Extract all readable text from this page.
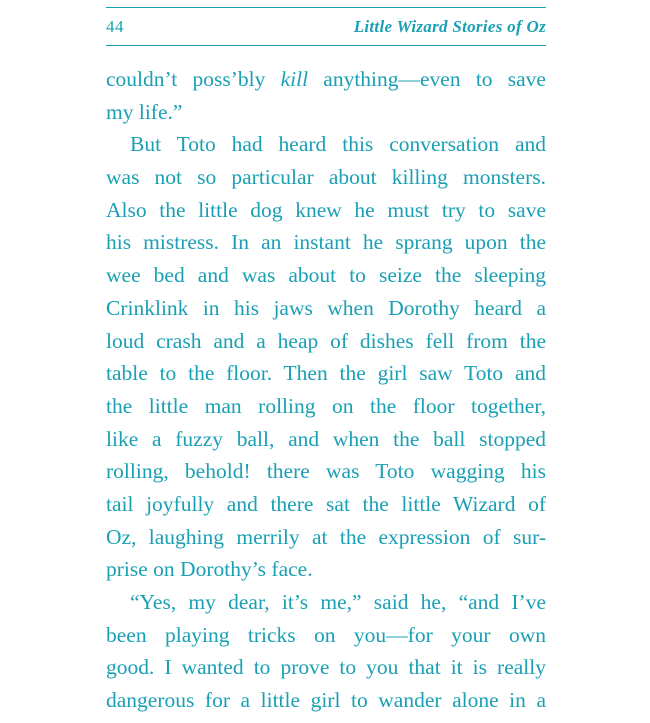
44	Little Wizard Stories of Oz
couldn’t poss’bly kill anything—even to save
my life.”
But Toto had heard this conversation and
was not so particular about killing monsters.
Also the little dog knew he must try to save
his mistress. In an instant he sprang upon the
wee bed and was about to seize the sleeping
Crinklink in his jaws when Dorothy heard a
loud crash and a heap of dishes fell from the
table to the floor. Then the girl saw Toto and
the little man rolling on the floor together,
like a fuzzy ball, and when the ball stopped
rolling, behold! there was Toto wagging his
tail joyfully and there sat the little Wizard of
Oz, laughing merrily at the expression of sur-
prise on Dorothy’s face.
“Yes, my dear, it’s me,” said he, “and I’ve
been playing tricks on you—for your own
good. I wanted to prove to you that it is really
dangerous for a little girl to wander alone in a
